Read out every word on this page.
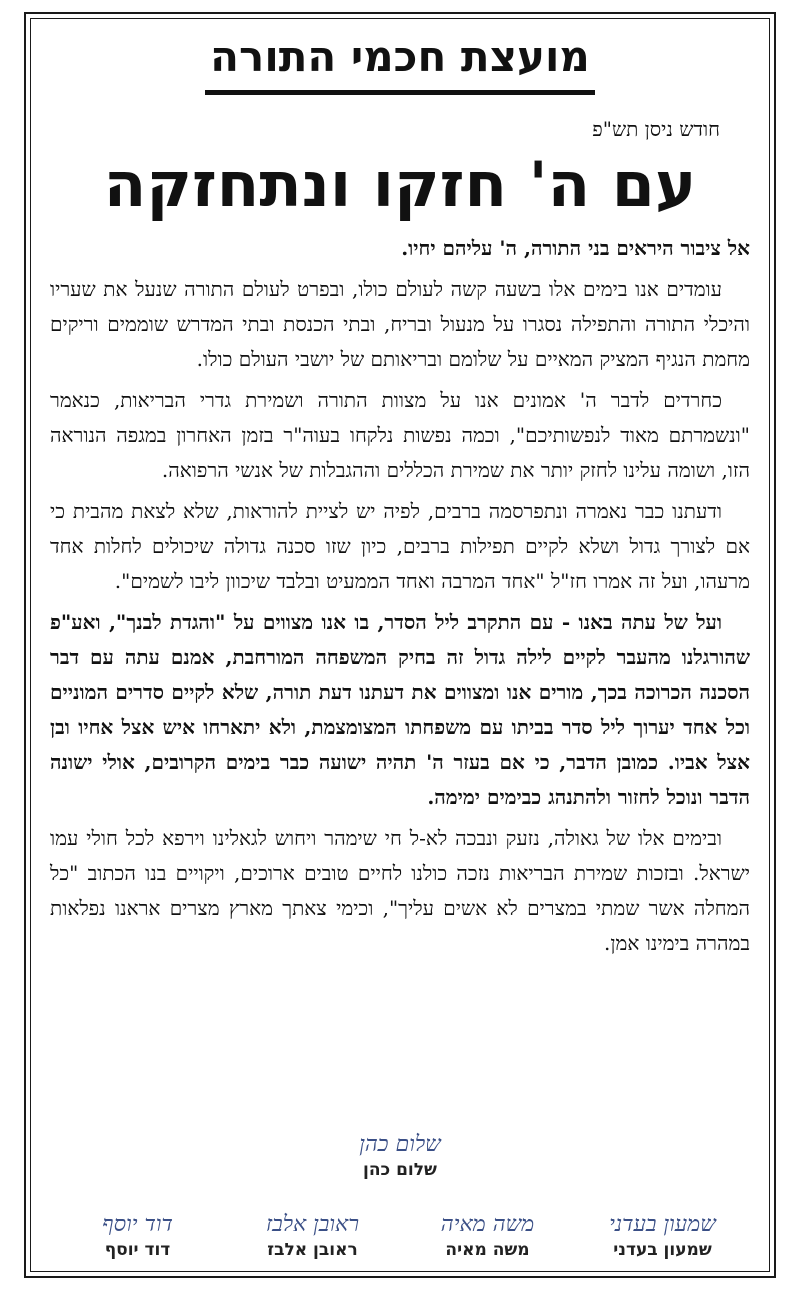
מועצת חכמי התורה
חודש ניסן תש"פ
עם ה' חזקו ונתחזקה

אל ציבור היראים בני התורה, ה' עליהם יחיו.

עומדים אנו בימים אלו בשעה קשה לעולם כולו, ובפרט לעולם התורה שנעל את שעריו והיכלי התורה והתפילה נסגרו על מנעול ובריח, ובתי הכנסת ובתי המדרש שוממים וריקים מחמת הנגיף המציק המאיים על שלומם ובריאותם של יושבי העולם כולו.

כחרדים לדבר ה' אמונים אנו על מצוות התורה ושמירת גדרי הבריאות, כנאמר "ונשמרתם מאוד לנפשותיכם", וכמה נפשות נלקחו בעוה"ר בזמן האחרון במגפה הנוראה הזו, ושומה עלינו לחזק יותר את שמירת הכללים וההגבלות של אנשי הרפואה.

ודעתנו כבר נאמרה ונתפרסמה ברבים, לפיה יש לציית להוראות, שלא לצאת מהבית כי אם לצורך גדול ושלא לקיים תפילות ברבים, כיון שזו סכנה גדולה שיכולים לחלות אחד מרעהו, ועל זה אמרו חז"ל "אחד המרבה ואחד הממעיט ובלבד שיכוון ליבו לשמים".

ועל של עתה באנו - עם התקרב ליל הסדר, בו אנו מצווים על "והגדת לבנך", ואע"פ שהורגלנו מהעבר לקיים לילה גדול זה בחיק המשפחה המורחבת, אמנם עתה עם דבר הסכנה הכרוכה בכך, מורים אנו ומצווים את דעתנו דעת תורה, שלא לקיים סדרים המוניים וכל אחד יערוך ליל סדר בביתו עם משפחתו המצומצמת, ולא יתארחו איש אצל אחיו ובן אצל אביו. כמובן הדבר, כי אם בעזר ה' תהיה ישועה כבר בימים הקרובים, אולי ישונה הדבר ונוכל לחזור ולהתנהג כבימים ימימה.

ובימים אלו של גאולה, נזעק ונבכה לא-ל חי שימהר ויחוש לגאלינו וירפא לכל חולי עמו ישראל. ובזכות שמירת הבריאות נזכה כולנו לחיים טובים ארוכים, ויקויים בנו הכתוב "כל המחלה אשר שמתי במצרים לא אשים עליך", וכימי צאתך מארץ מצרים אראנו נפלאות במהרה בימינו אמן.

שלום כהן
שלום כהן
שמעון בעדני
שמעון בעדני
משה מאיה
משה מאיה
ראובן אלבז
ראובן אלבז
דוד יוסף
דוד יוסף
